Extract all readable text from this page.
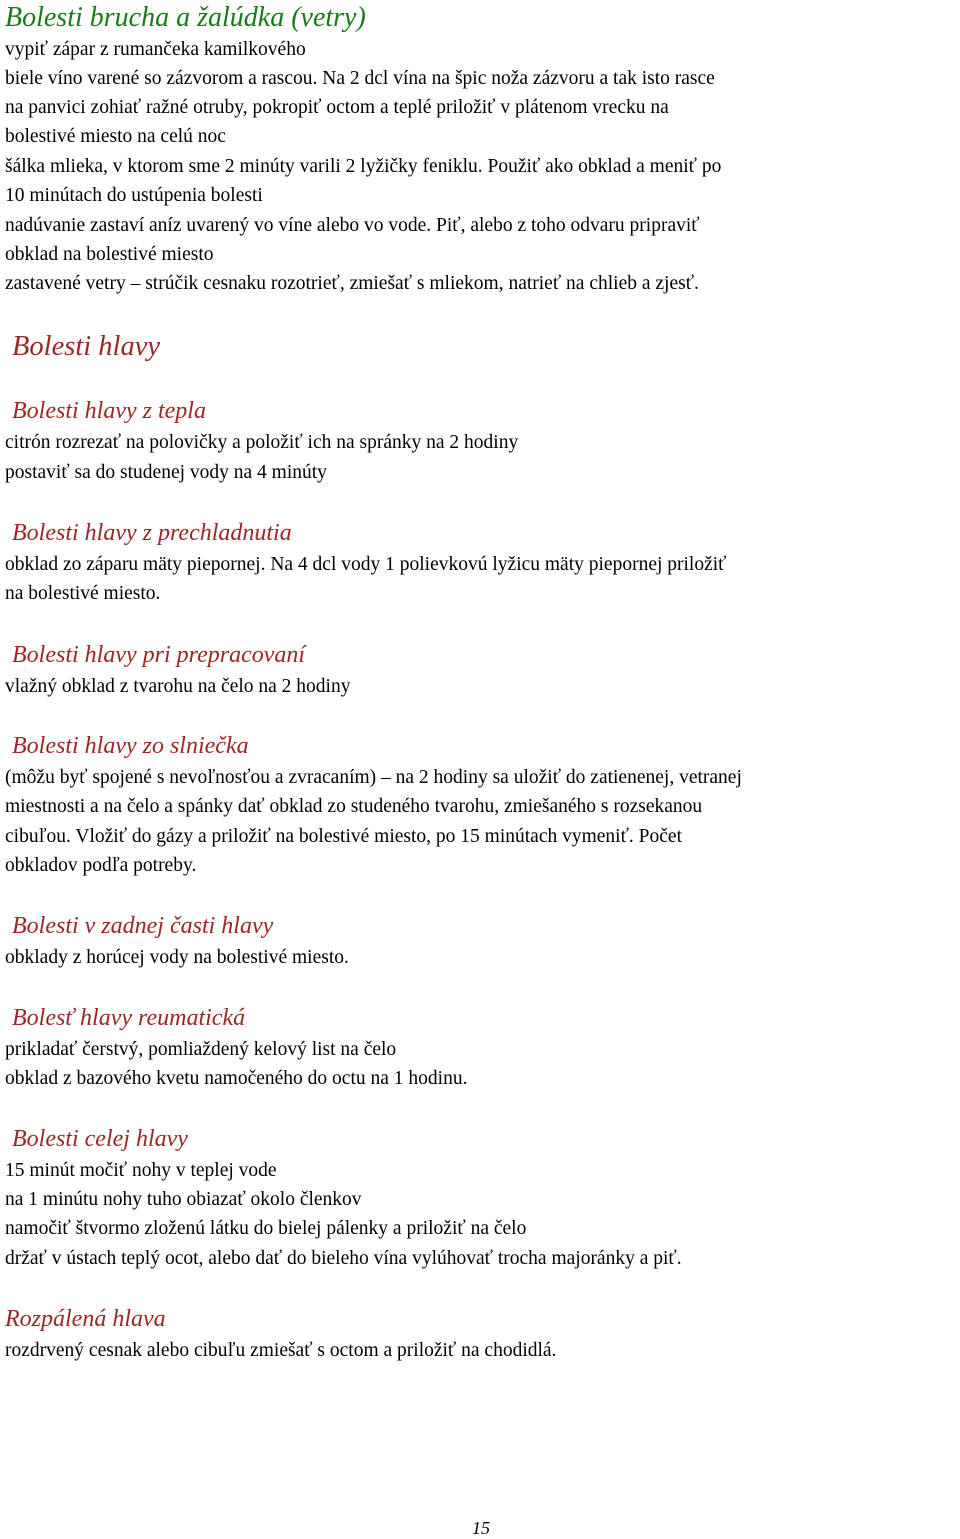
Bolesti brucha a žalúdka (vetry)
vypiť zápar z rumančeka kamilkového
biele víno varené so zázvorom a rascou. Na 2 dcl vína na špic noža zázvoru a tak isto rasce
na panvici zohiať ražné otruby, pokropiť octom a teplé priložiť v plátenom vrecku na
bolestivé miesto na celú noc
šálka mlieka, v ktorom sme 2 minúty varili 2 lyžičky feniklu. Použiť ako obklad a meniť po
10 minútach do ustúpenia bolesti
nadúvanie zastaví aníz uvarený vo víne alebo vo vode. Piť, alebo z toho odvaru pripraviť
obklad na bolestivé miesto
zastavené vetry – strúčik cesnaku rozotrieť, zmiešať s mliekom, natrieť na chlieb a zjesť.
Bolesti hlavy
Bolesti hlavy z tepla
citrón rozrezať na polovičky a položiť ich na spránky na 2 hodiny
postaviť sa do studenej vody na 4 minúty
Bolesti hlavy z prechladnutia
obklad zo záparu mäty piepornej. Na 4 dcl vody 1 polievkovú lyžicu mäty piepornej priložiť
na bolestivé miesto.
Bolesti hlavy pri prepracovaní
vlažný obklad z tvarohu na čelo na 2 hodiny
Bolesti hlavy zo slniečka
(môžu byť spojené s nevoľnosťou a zvracaním) – na 2 hodiny sa uložiť do zatienenej, vetranej
miestnosti a na čelo a spánky dať obklad zo studeného tvarohu, zmiešaného s rozsekanou
cibuľou. Vložiť do gázy a priložiť na bolestivé miesto, po 15 minútach vymeniť. Počet
obkladov podľa potreby.
Bolesti v zadnej časti hlavy
obklady z horúcej vody na bolestivé miesto.
Bolesť hlavy reumatická
prikladať čerstvý, pomliaždený kelový list na čelo
obklad z bazového kvetu namočeného do octu na 1 hodinu.
Bolesti celej hlavy
15 minút močiť nohy v teplej vode
na 1 minútu nohy tuho obiazať okolo členkov
namočiť štvormo zloženú látku do bielej pálenky a priložiť na čelo
držať v ústach teplý ocot, alebo dať do bieleho vína vylúhovať trocha majoránky a piť.
Rozpálená hlava
rozdrvený cesnak alebo cibuľu zmiešať s octom a priložiť na chodidlá.
15
